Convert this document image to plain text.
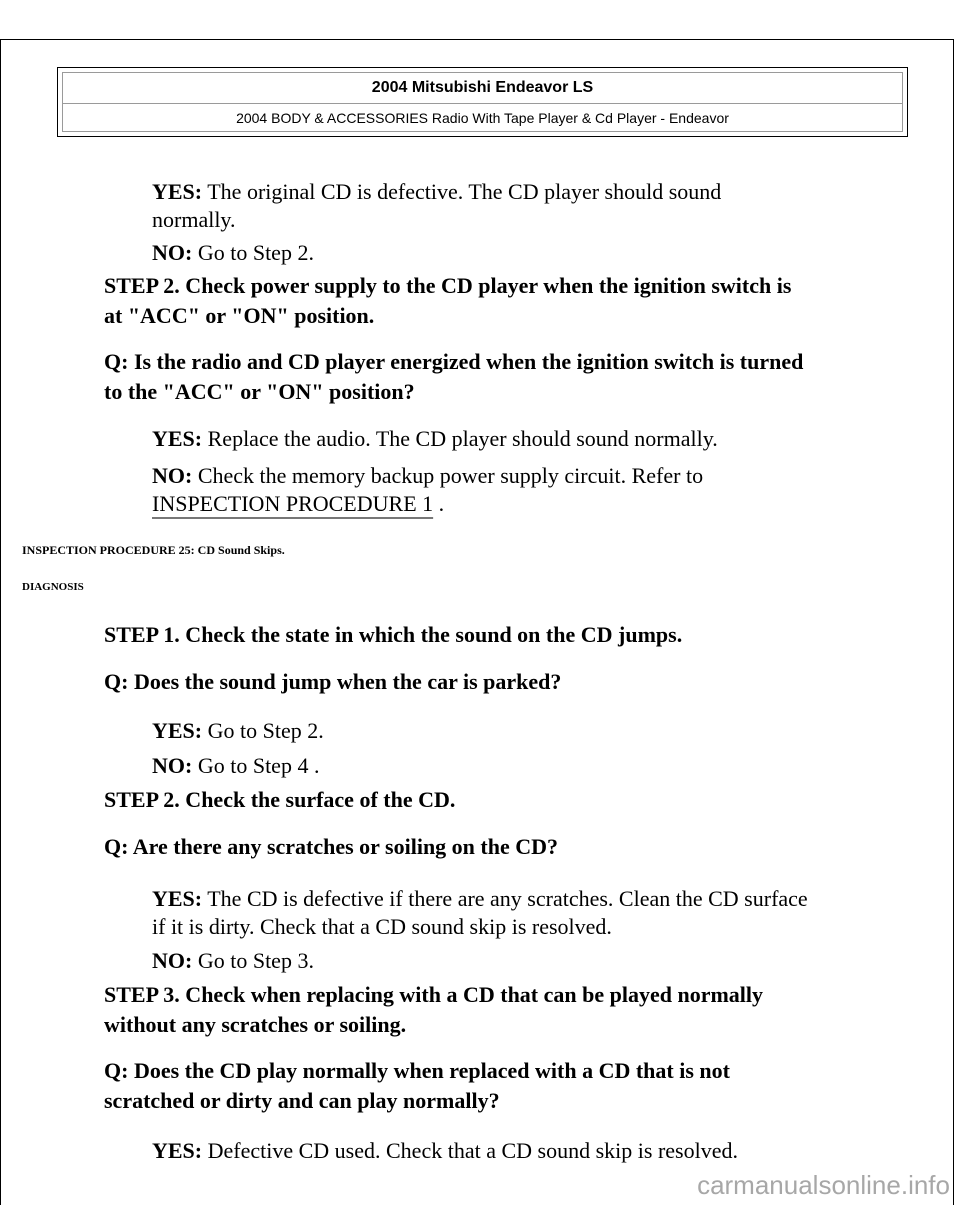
2004 Mitsubishi Endeavor LS
2004 BODY & ACCESSORIES Radio With Tape Player & Cd Player - Endeavor
YES: The original CD is defective. The CD player should sound
normally.
NO: Go to Step 2.
STEP 2. Check power supply to the CD player when the ignition switch is
at "ACC" or "ON" position.
Q: Is the radio and CD player energized when the ignition switch is turned
to the "ACC" or "ON" position?
YES: Replace the audio. The CD player should sound normally.
NO: Check the memory backup power supply circuit. Refer to
INSPECTION PROCEDURE 1 .
INSPECTION PROCEDURE 25: CD Sound Skips.
DIAGNOSIS
STEP 1. Check the state in which the sound on the CD jumps.
Q: Does the sound jump when the car is parked?
YES: Go to Step 2.
NO: Go to Step 4 .
STEP 2. Check the surface of the CD.
Q: Are there any scratches or soiling on the CD?
YES: The CD is defective if there are any scratches. Clean the CD surface
if it is dirty. Check that a CD sound skip is resolved.
NO: Go to Step 3.
STEP 3. Check when replacing with a CD that can be played normally
without any scratches or soiling.
Q: Does the CD play normally when replaced with a CD that is not
scratched or dirty and can play normally?
YES: Defective CD used. Check that a CD sound skip is resolved.
carmanualsonline.info
